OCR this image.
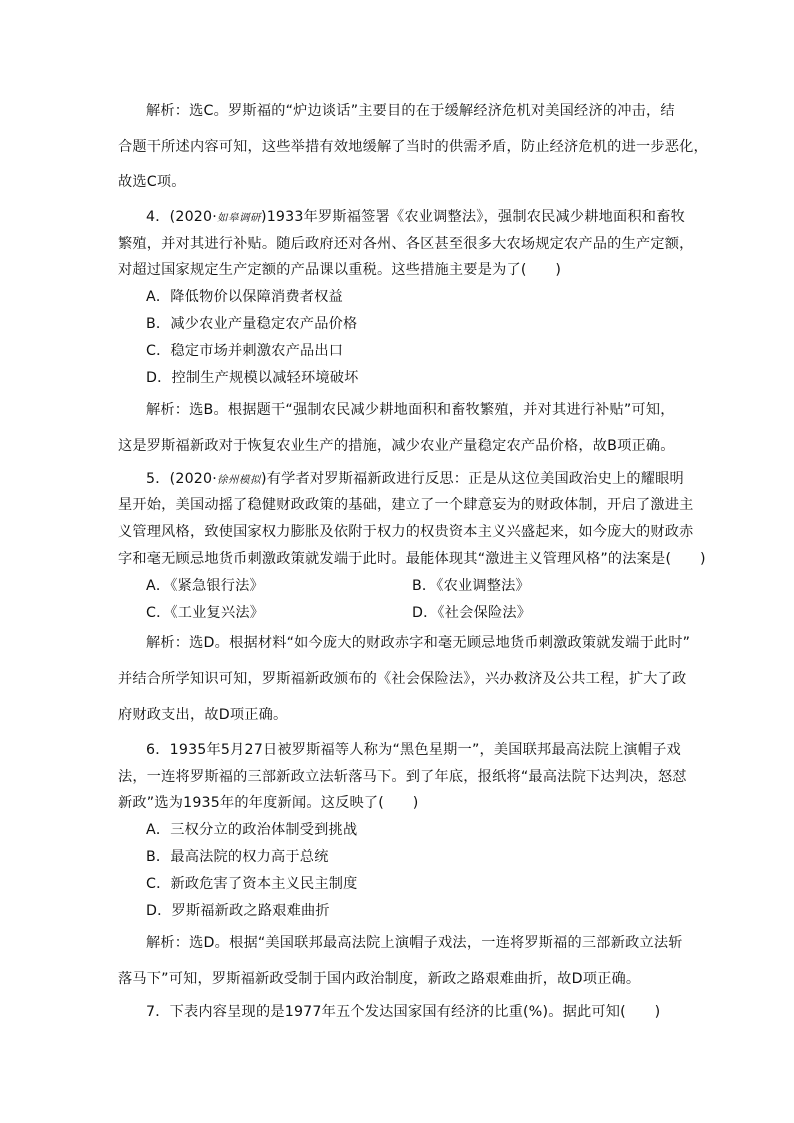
解析：选C。罗斯福的“炉边谈话”主要目的在于缓解经济危机对美国经济的冲击，结
合题干所述内容可知，这些举措有效地缓解了当时的供需矛盾，防止经济危机的进一步恶化，
故选C项。
4．(2020·如皋调研)1933年罗斯福签署《农业调整法》，强制农民减少耕地面积和畜牧
繁殖，并对其进行补贴。随后政府还对各州、各区甚至很多大农场规定农产品的生产定额，
对超过国家规定生产定额的产品课以重税。这些措施主要是为了(　　)
A．降低物价以保障消费者权益
B．减少农业产量稳定农产品价格
C．稳定市场并刺激农产品出口
D．控制生产规模以减轻环境破坏
解析：选B。根据题干“强制农民减少耕地面积和畜牧繁殖，并对其进行补贴”可知，
这是罗斯福新政对于恢复农业生产的措施，减少农业产量稳定农产品价格，故B项正确。
5．(2020·徐州模拟)有学者对罗斯福新政进行反思：正是从这位美国政治史上的耀眼明
星开始，美国动摇了稳健财政政策的基础，建立了一个肆意妄为的财政体制，开启了激进主
义管理风格，致使国家权力膨胀及依附于权力的权贵资本主义兴盛起来，如今庞大的财政赤
字和毫无顾忌地货币刺激政策就发端于此时。最能体现其“激进主义管理风格”的法案是(　　)
A．《紧急银行法》	B．《农业调整法》
C．《工业复兴法》	D．《社会保险法》
解析：选D。根据材料“如今庞大的财政赤字和毫无顾忌地货币刺激政策就发端于此时”
并结合所学知识可知，罗斯福新政颁布的《社会保险法》，兴办救济及公共工程，扩大了政
府财政支出，故D项正确。
6．1935年5月27日被罗斯福等人称为“黑色星期一”，美国联邦最高法院上演帽子戏
法，一连将罗斯福的三部新政立法斩落马下。到了年底，报纸将“最高法院下达判决，怒怼
新政”选为1935年的年度新闻。这反映了(　　)
A．三权分立的政治体制受到挑战
B．最高法院的权力高于总统
C．新政危害了资本主义民主制度
D．罗斯福新政之路艰难曲折
解析：选D。根据“美国联邦最高法院上演帽子戏法，一连将罗斯福的三部新政立法斩
落马下”可知，罗斯福新政受制于国内政治制度，新政之路艰难曲折，故D项正确。
7．下表内容呈现的是1977年五个发达国家国有经济的比重(%)。据此可知(　　)
